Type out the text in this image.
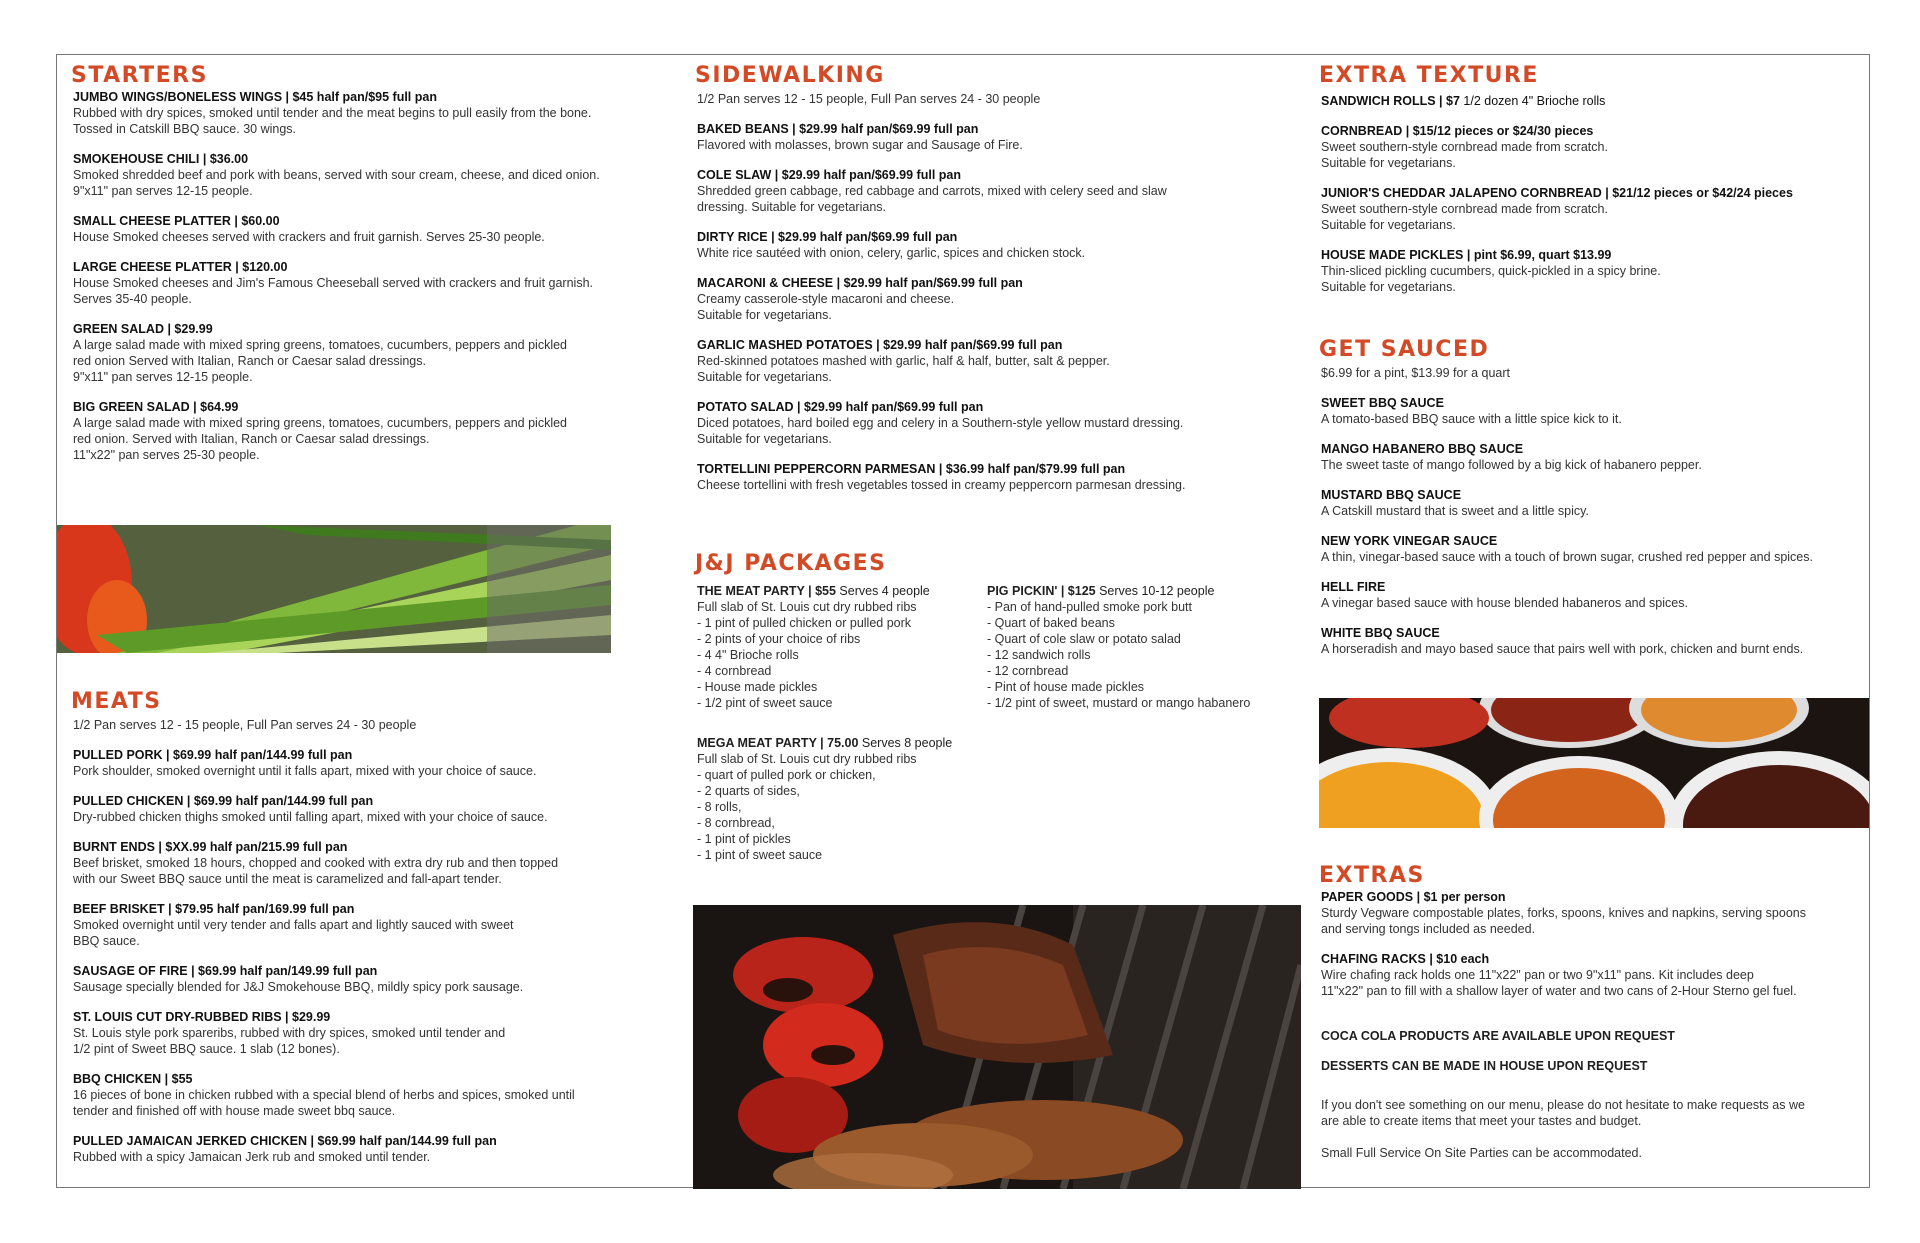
STARTERS
JUMBO WINGS/BONELESS WINGS | $45 half pan/$95 full pan
Rubbed with dry spices, smoked until tender and the meat begins to pull easily from the bone.
Tossed in Catskill BBQ sauce. 30 wings.
SMOKEHOUSE CHILI | $36.00
Smoked shredded beef and pork with beans, served with sour cream, cheese, and diced onion.
9"x11" pan serves 12-15 people.
SMALL CHEESE PLATTER | $60.00
House Smoked cheeses served with crackers and fruit garnish. Serves 25-30 people.
LARGE CHEESE PLATTER | $120.00
House Smoked cheeses and Jim's Famous Cheeseball served with crackers and fruit garnish.
Serves 35-40 people.
GREEN SALAD | $29.99
A large salad made with mixed spring greens, tomatoes, cucumbers, peppers and pickled
red onion Served with Italian, Ranch or Caesar salad dressings.
9"x11" pan serves 12-15 people.
BIG GREEN SALAD | $64.99
A large salad made with mixed spring greens, tomatoes, cucumbers, peppers and pickled
red onion. Served with Italian, Ranch or Caesar salad dressings.
11"x22" pan serves 25-30 people.
MEATS
1/2 Pan serves 12 - 15 people, Full Pan serves 24 - 30 people
PULLED PORK | $69.99 half pan/144.99 full pan
Pork shoulder, smoked overnight until it falls apart, mixed with your choice of sauce.
PULLED CHICKEN | $69.99 half pan/144.99 full pan
Dry-rubbed chicken thighs smoked until falling apart, mixed with your choice of sauce.
BURNT ENDS | $XX.99 half pan/215.99 full pan
Beef brisket, smoked 18 hours, chopped and cooked with extra dry rub and then topped
with our Sweet BBQ sauce until the meat is caramelized and fall-apart tender.
BEEF BRISKET | $79.95 half pan/169.99 full pan
Smoked overnight until very tender and falls apart and lightly sauced with sweet
BBQ sauce.
SAUSAGE OF FIRE | $69.99 half pan/149.99 full pan
Sausage specially blended for J&J Smokehouse BBQ, mildly spicy pork sausage.
ST. LOUIS CUT DRY-RUBBED RIBS | $29.99
St. Louis style pork spareribs, rubbed with dry spices, smoked until tender and
1/2 pint of Sweet BBQ sauce. 1 slab (12 bones).
BBQ CHICKEN | $55
16 pieces of bone in chicken rubbed with a special blend of herbs and spices, smoked until
tender and finished off with house made sweet bbq sauce.
PULLED JAMAICAN JERKED CHICKEN | $69.99 half pan/144.99 full pan
Rubbed with a spicy Jamaican Jerk rub and smoked until tender.
SIDEWALKING
1/2 Pan serves 12 - 15 people, Full Pan serves 24 - 30 people
BAKED BEANS | $29.99 half pan/$69.99 full pan
Flavored with molasses, brown sugar and Sausage of Fire.
COLE SLAW | $29.99 half pan/$69.99 full pan
Shredded green cabbage, red cabbage and carrots, mixed with celery seed and slaw
dressing. Suitable for vegetarians.
DIRTY RICE | $29.99 half pan/$69.99 full pan
White rice sautéed with onion, celery, garlic, spices and chicken stock.
MACARONI & CHEESE | $29.99 half pan/$69.99 full pan
Creamy casserole-style macaroni and cheese.
Suitable for vegetarians.
GARLIC MASHED POTATOES | $29.99 half pan/$69.99 full pan
Red-skinned potatoes mashed with garlic, half & half, butter, salt & pepper.
Suitable for vegetarians.
POTATO SALAD | $29.99 half pan/$69.99 full pan
Diced potatoes, hard boiled egg and celery in a Southern-style yellow mustard dressing.
Suitable for vegetarians.
TORTELLINI PEPPERCORN PARMESAN | $36.99 half pan/$79.99 full pan
Cheese tortellini with fresh vegetables tossed in creamy peppercorn parmesan dressing.
J&J PACKAGES
THE MEAT PARTY | $55 Serves 4 people
Full slab of St. Louis cut dry rubbed ribs
- 1 pint of pulled chicken or pulled pork
- 2 pints of your choice of ribs
- 4 4" Brioche rolls
- 4 cornbread
- House made pickles
- 1/2 pint of sweet sauce
PIG PICKIN' | $125 Serves 10-12 people
- Pan of hand-pulled smoke pork butt
- Quart of baked beans
- Quart of cole slaw or potato salad
- 12 sandwich rolls
- 12 cornbread
- Pint of house made pickles
- 1/2 pint of sweet, mustard or mango habanero
MEGA MEAT PARTY | 75.00 Serves 8 people
Full slab of St. Louis cut dry rubbed ribs
- quart of pulled pork or chicken,
- 2 quarts of sides,
- 8 rolls,
- 8 cornbread,
- 1 pint of pickles
- 1 pint of sweet sauce
EXTRA TEXTURE
SANDWICH ROLLS | $7 1/2 dozen 4" Brioche rolls
CORNBREAD | $15/12 pieces or $24/30 pieces
Sweet southern-style cornbread made from scratch.
Suitable for vegetarians.
JUNIOR'S CHEDDAR JALAPENO CORNBREAD | $21/12 pieces or $42/24 pieces
Sweet southern-style cornbread made from scratch.
Suitable for vegetarians.
HOUSE MADE PICKLES | pint $6.99, quart $13.99
Thin-sliced pickling cucumbers, quick-pickled in a spicy brine.
Suitable for vegetarians.
GET SAUCED
$6.99 for a pint, $13.99 for a quart
SWEET BBQ SAUCE
A tomato-based BBQ sauce with a little spice kick to it.
MANGO HABANERO BBQ SAUCE
The sweet taste of mango followed by a big kick of habanero pepper.
MUSTARD BBQ SAUCE
A Catskill mustard that is sweet and a little spicy.
NEW YORK VINEGAR SAUCE
A thin, vinegar-based sauce with a touch of brown sugar, crushed red pepper and spices.
HELL FIRE
A vinegar based sauce with house blended habaneros and spices.
WHITE BBQ SAUCE
A horseradish and mayo based sauce that pairs well with pork, chicken and burnt ends.
EXTRAS
PAPER GOODS | $1 per person
Sturdy Vegware compostable plates, forks, spoons, knives and napkins, serving spoons
and serving tongs included as needed.
CHAFING RACKS | $10 each
Wire chafing rack holds one 11"x22" pan or two 9"x11" pans. Kit includes deep
11"x22" pan to fill with a shallow layer of water and two cans of 2-Hour Sterno gel fuel.
COCA COLA PRODUCTS ARE AVAILABLE UPON REQUEST
DESSERTS CAN BE MADE IN HOUSE UPON REQUEST
If you don't see something on our menu, please do not hesitate to make requests as we
are able to create items that meet your tastes and budget.
Small Full Service On Site Parties can be accommodated.
